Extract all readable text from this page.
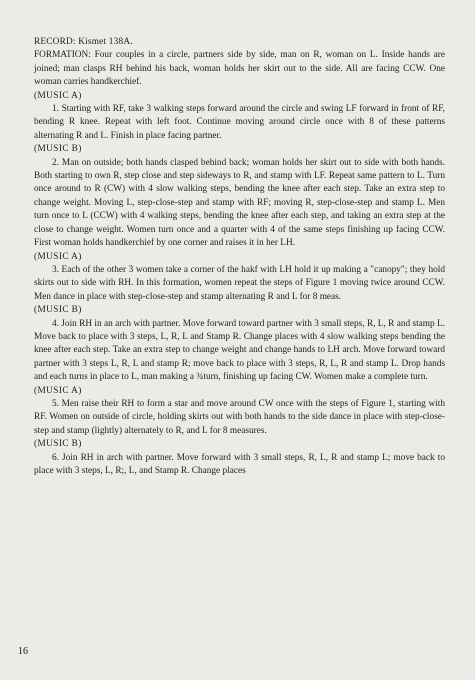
RECORD: Kismet 138A.

FORMATION: Four couples in a circle, partners side by side, man on R, woman on L. Inside hands are joined; man clasps RH behind his back, woman holds her skirt out to the side. All are facing CCW. One woman carries handkerchief.

(MUSIC A)

1. Starting with RF, take 3 walking steps forward around the circle and swing LF forward in front of RF, bending R knee. Repeat with left foot. Continue moving around circle once with 8 of these patterns alternating R and L. Finish in place facing partner.

(MUSIC B)

2. Man on outside; both hands clasped behind back; woman holds her skirt out to side with both hands. Both starting to own R, step close and step sideways to R, and stamp with LF. Repeat same pattern to L. Turn once around to R (CW) with 4 slow walking steps, bending the knee after each step. Take an extra step to change weight. Moving L, step-close-step and stamp with RF; moving R, step-close-step and stamp L. Men turn once to L (CCW) with 4 walking steps, bending the knee after each step, and taking an extra step at the close to change weight. Women turn once and a quarter with 4 of the same steps finishing up facing CCW. First woman holds handkerchief by one corner and raises it in her LH.

(MUSIC A)

3. Each of the other 3 women take a corner of the hakf with LH hold it up making a "canopy"; they hold skirts out to side with RH. In this formation, women repeat the steps of Figure 1 moving twice around CCW. Men dance in place with step-close-step and stamp alternating R and L for 8 meas.

(MUSIC B)

4. Join RH in an arch with partner. Move forward toward partner with 3 small steps, R, L, R and stamp L. Move back to place with 3 steps, L, R, L and Stamp R. Change places with 4 slow walking steps bending the knee after each step. Take an extra step to change weight and change hands to LH arch. Move forward toward partner with 3 steps L, R, L and stamp R; move back to place with 3 steps, R, L, R and stamp L. Drop hands and each turns in place to L, man making a ¾turn, finishing up facing CW. Women make a complete turn.

(MUSIC A)

5. Men raise their RH to form a star and move around CW once with the steps of Figure 1, starting with RF. Women on outside of circle, holding skirts out with both hands to the side dance in place with step-close-step and stamp (lightly) alternately to R, and L for 8 measures.

(MUSIC B)

6. Join RH in arch with partner. Move forward with 3 small steps, R, L, R and stamp L; move back to place with 3 steps, L, R;, L, and Stamp R. Change places

16
